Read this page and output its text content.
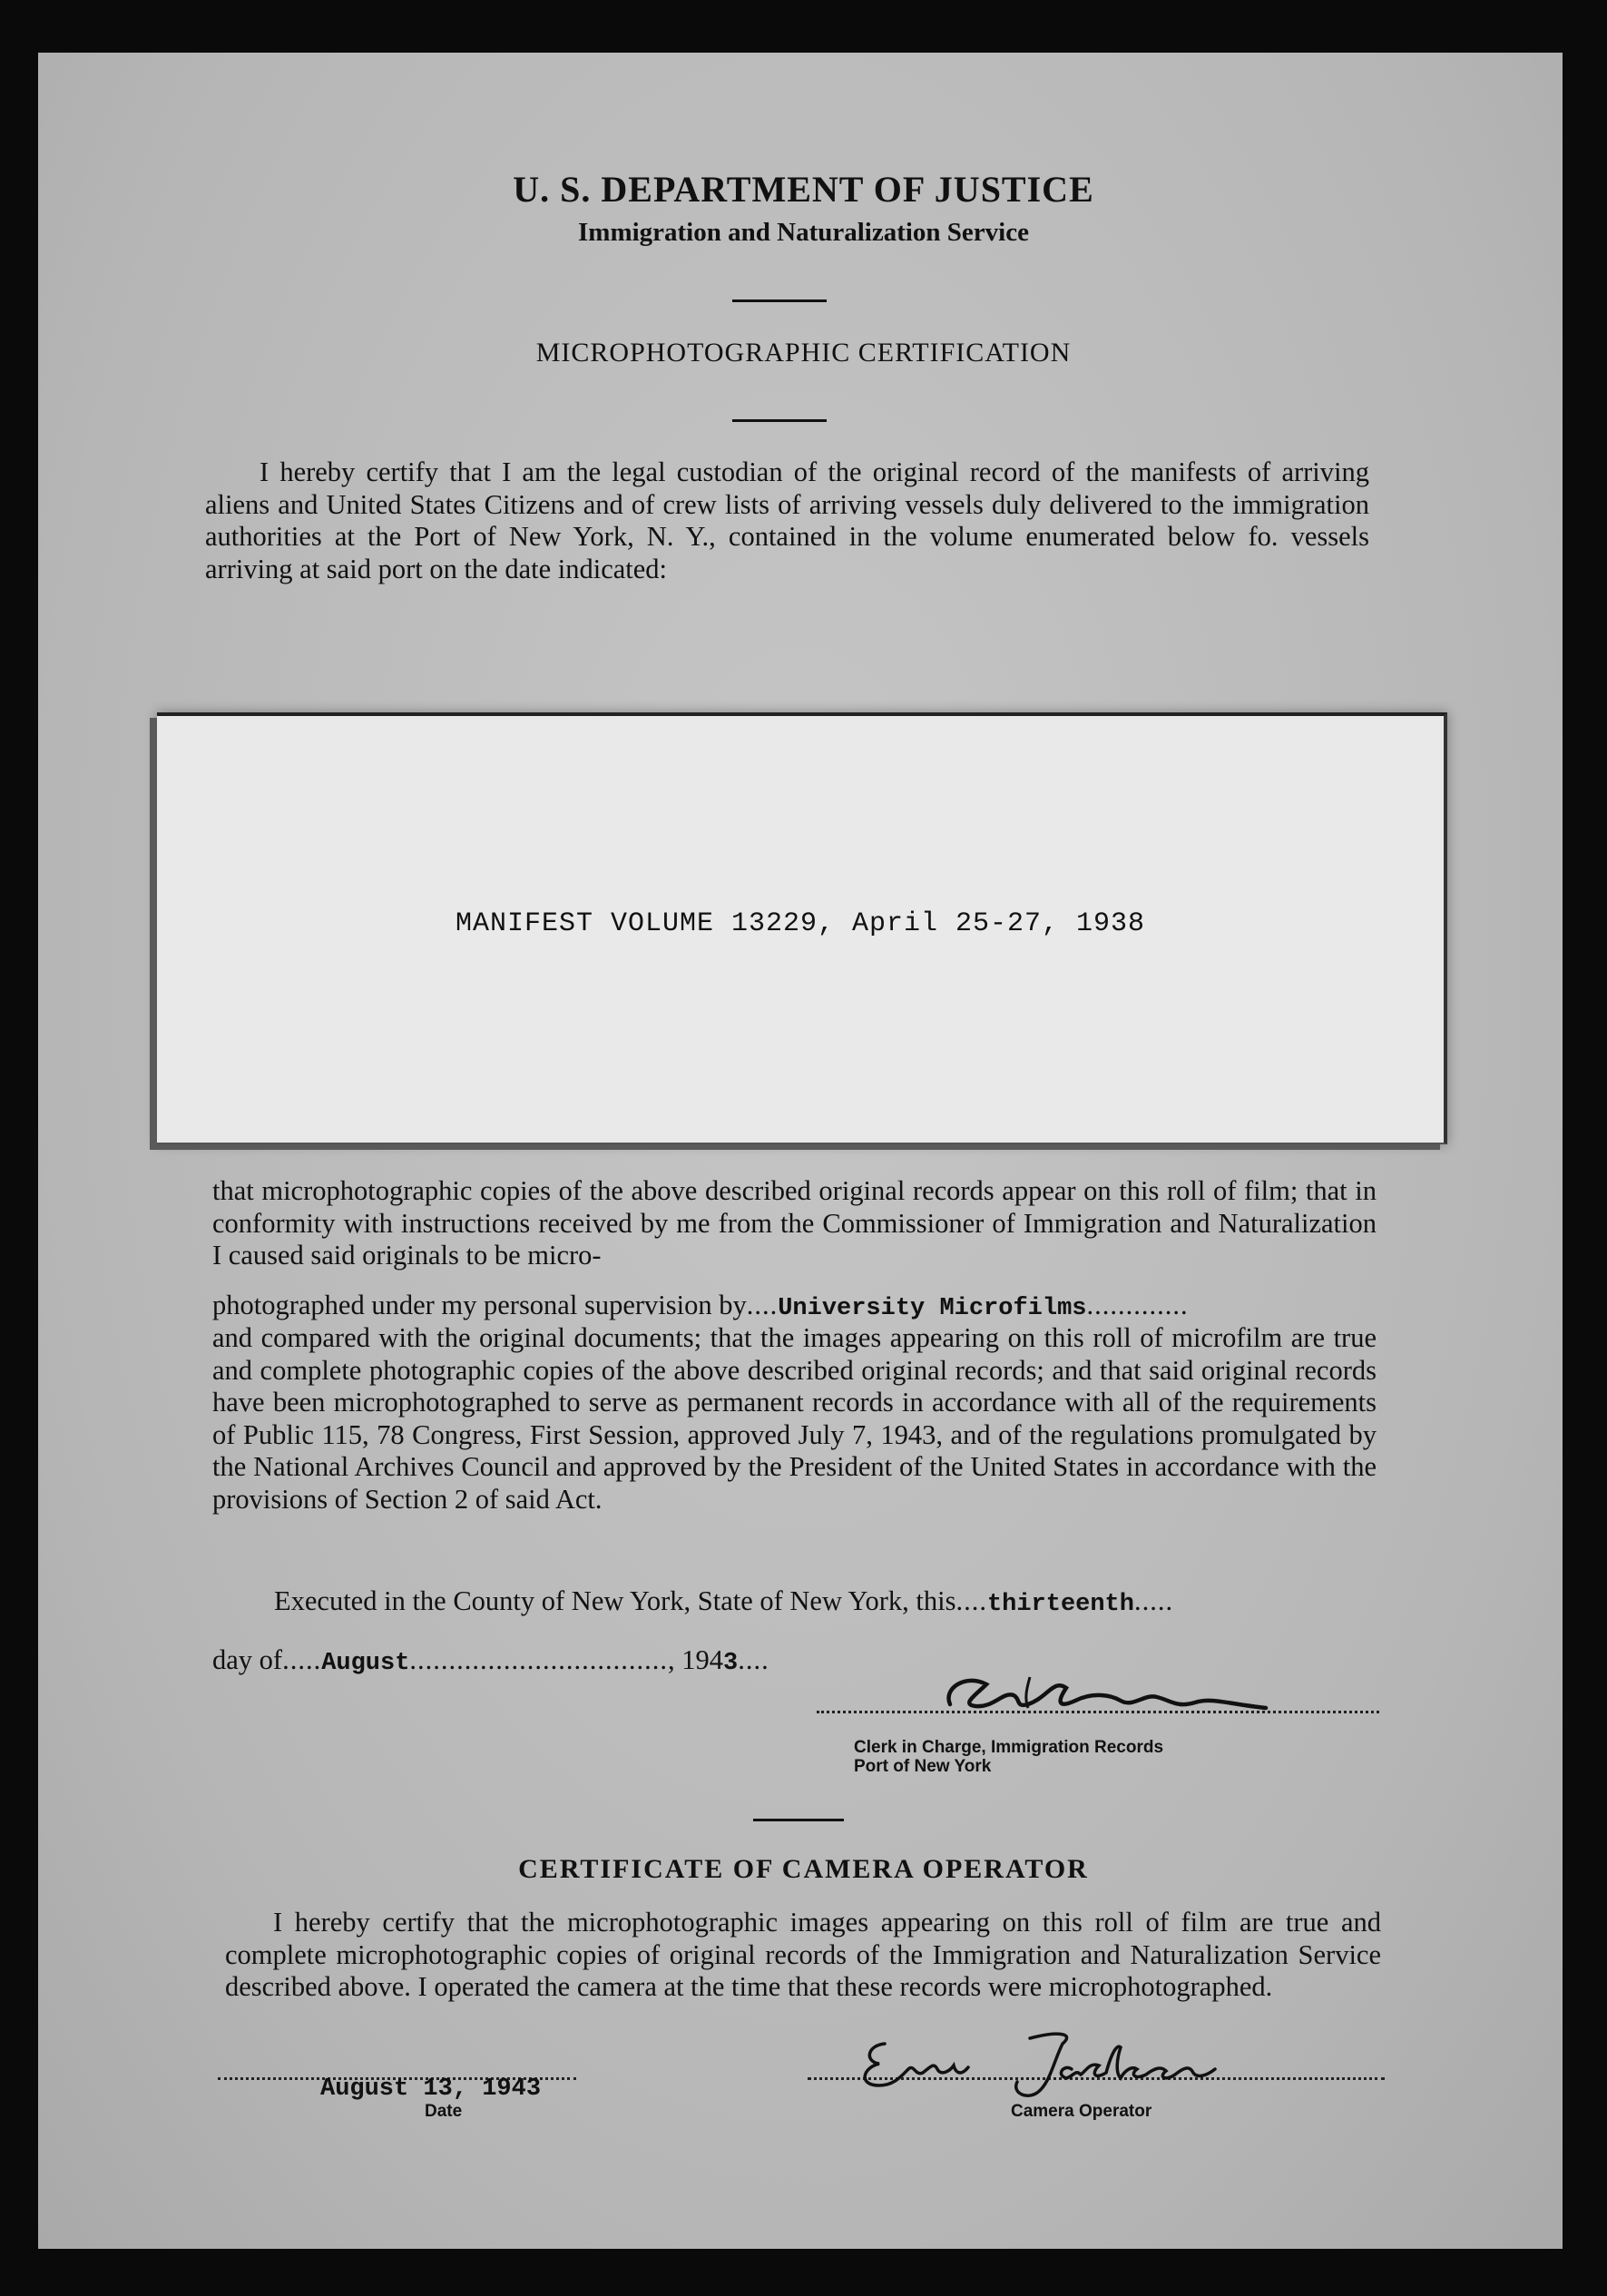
U. S. DEPARTMENT OF JUSTICE
Immigration and Naturalization Service
MICROPHOTOGRAPHIC CERTIFICATION
I hereby certify that I am the legal custodian of the original record of the manifests of arriving aliens and United States Citizens and of crew lists of arriving vessels duly delivered to the immigration authorities at the Port of New York, N. Y., contained in the volume enumerated below fo. vessels arriving at said port on the date indicated:
MANIFEST VOLUME 13229, April 25-27, 1938
that microphotographic copies of the above described original records appear on this roll of film; that in conformity with instructions received by me from the Commissioner of Immigration and Naturalization I caused said originals to be micro-
photographed under my personal supervision by....University Microfilms.............
and compared with the original documents; that the images appearing on this roll of microfilm are true and complete photographic copies of the above described original records; and that said original records have been microphotographed to serve as permanent records in accordance with all of the requirements of Public 115, 78 Congress, First Session, approved July 7, 1943, and of the regulations promulgated by the National Archives Council and approved by the President of the United States in accordance with the provisions of Section 2 of said Act.
Executed in the County of New York, State of New York, this....thirteenth.....
day of.....August................................., 1943....
Clerk in Charge, Immigration Records
Port of New York
CERTIFICATE OF CAMERA OPERATOR
I hereby certify that the microphotographic images appearing on this roll of film are true and complete microphotographic copies of original records of the Immigration and Naturalization Service described above. I operated the camera at the time that these records were microphotographed.
August 13, 1943
Date	Camera Operator
